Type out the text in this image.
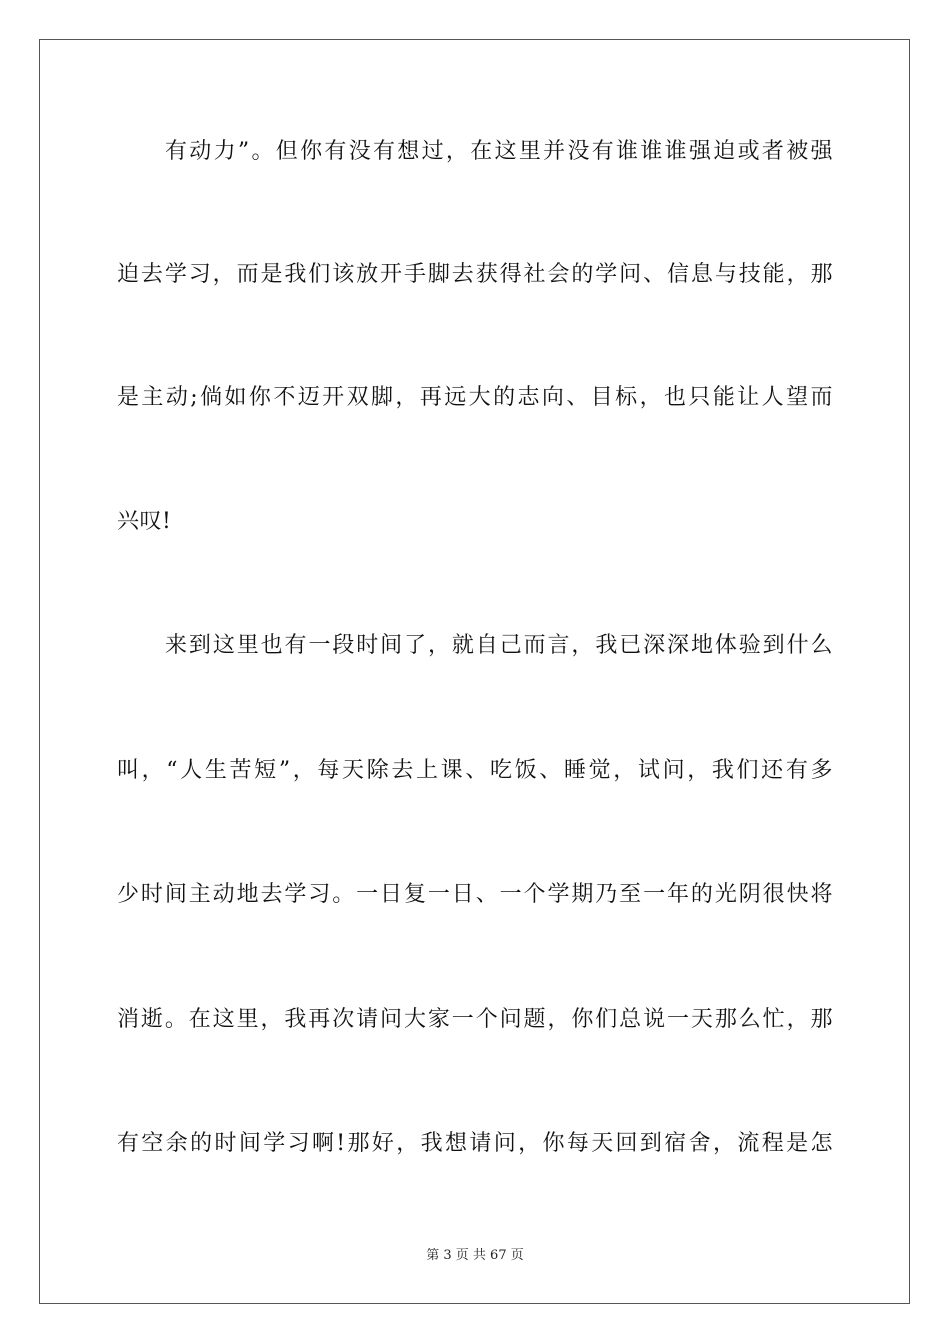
有动力”。但你有没有想过，在这里并没有谁谁谁强迫或者被强
迫去学习，而是我们该放开手脚去获得社会的学问、信息与技能，那
是主动;倘如你不迈开双脚，再远大的志向、目标，也只能让人望而
兴叹!
来到这里也有一段时间了，就自己而言，我已深深地体验到什么
叫，“人生苦短”，每天除去上课、吃饭、睡觉，试问，我们还有多
少时间主动地去学习。一日复一日、一个学期乃至一年的光阴很快将
消逝。在这里，我再次请问大家一个问题，你们总说一天那么忙，那
有空余的时间学习啊!那好，我想请问，你每天回到宿舍，流程是怎
第 3 页 共 67 页
